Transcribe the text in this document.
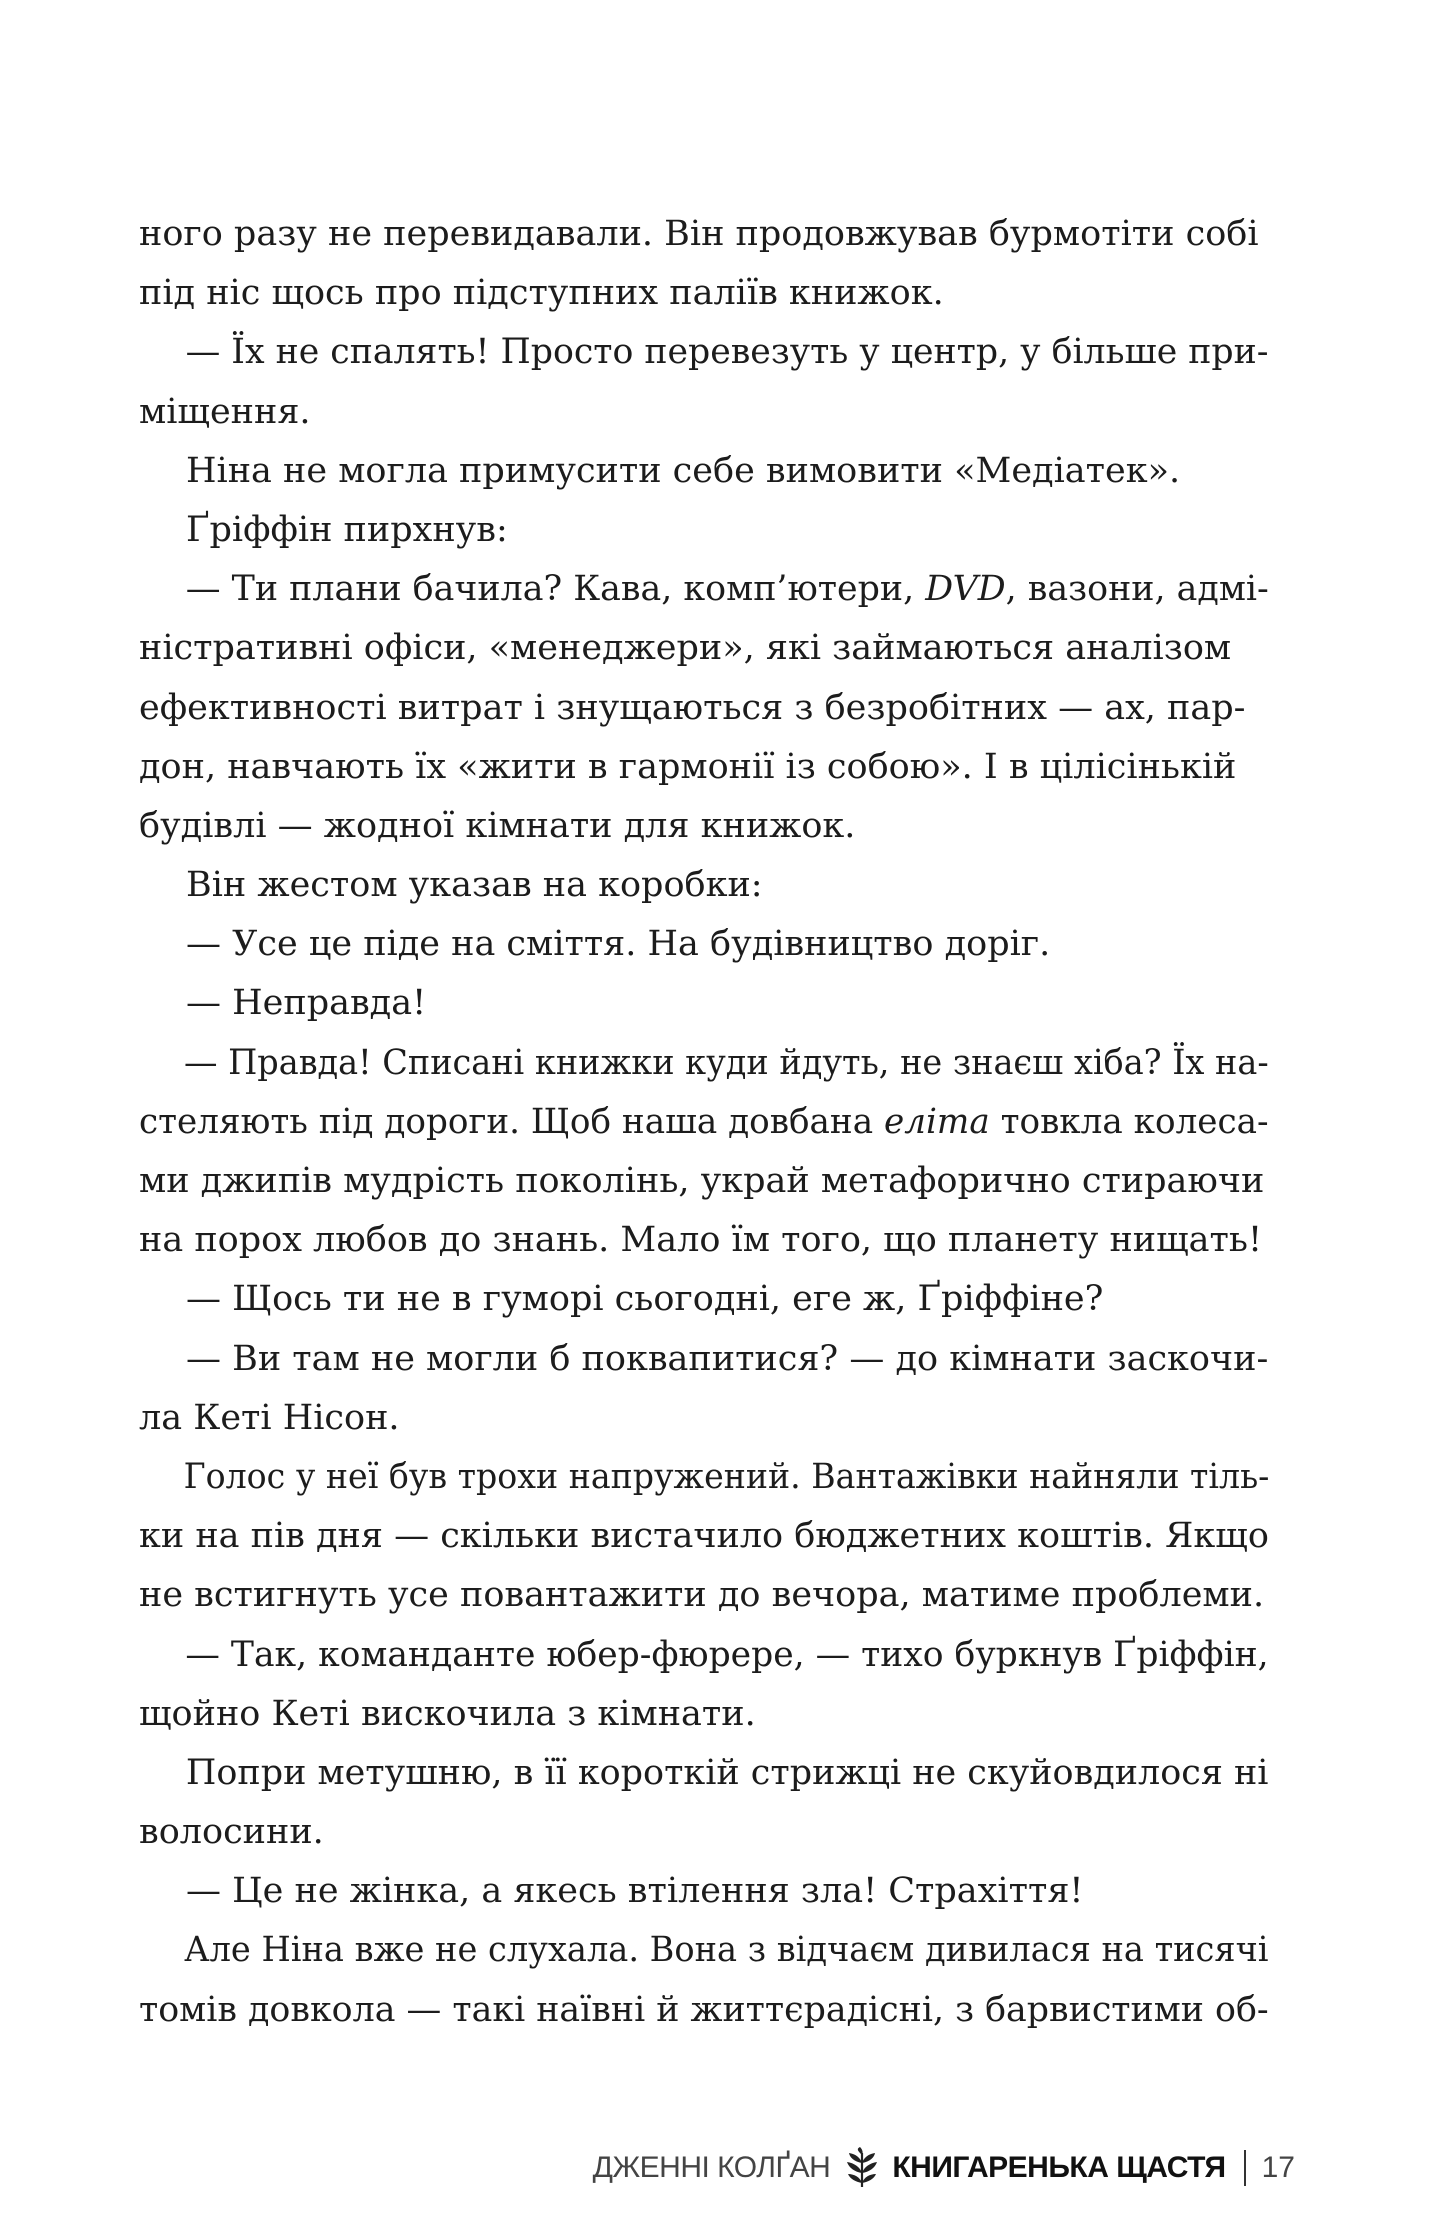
ного разу не перевидавали. Він продовжував бурмотіти собі
під ніс щось про підступних паліїв книжок.
— Їх не спалять! Просто перевезуть у центр, у більше при-
міщення.
Ніна не могла примусити себе вимовити «Медіатек».
Ґріффін пирхнув:
— Ти плани бачила? Кава, комп’ютери, DVD, вазони, адмі-
ністративні офіси, «менеджери», які займаються аналізом
ефективності витрат і знущаються з безробітних — ах, пар-
дон, навчають їх «жити в гармонії із собою». І в цілісінькій
будівлі — жодної кімнати для книжок.
Він жестом указав на коробки:
— Усе це піде на сміття. На будівництво доріг.
— Неправда!
— Правда! Списані книжки куди йдуть, не знаєш хіба? Їх на-
стеляють під дороги. Щоб наша довбана еліта товкла колеса-
ми джипів мудрість поколінь, украй метафорично стираючи
на порох любов до знань. Мало їм того, що планету нищать!
— Щось ти не в гуморі сьогодні, еге ж, Ґріффіне?
— Ви там не могли б поквапитися? — до кімнати заскочи-
ла Кеті Нісон.
Голос у неї був трохи напружений. Вантажівки найняли тіль-
ки на пів дня — скільки вистачило бюджетних коштів. Якщо
не встигнуть усе повантажити до вечора, матиме проблеми.
— Так, команданте юбер-фюрере, — тихо буркнув Ґріффін,
щойно Кеті вискочила з кімнати.
Попри метушню, в її короткій стрижці не скуйовдилося ні
волосини.
— Це не жінка, а якесь втілення зла! Страхіття!
Але Ніна вже не слухала. Вона з відчаєм дивилася на тисячі
томів довкола — такі наївні й життєрадісні, з барвистими об-
ДЖЕННІ КОЛҐАН КНИГАРЕНЬКА ЩАСТЯ 17
